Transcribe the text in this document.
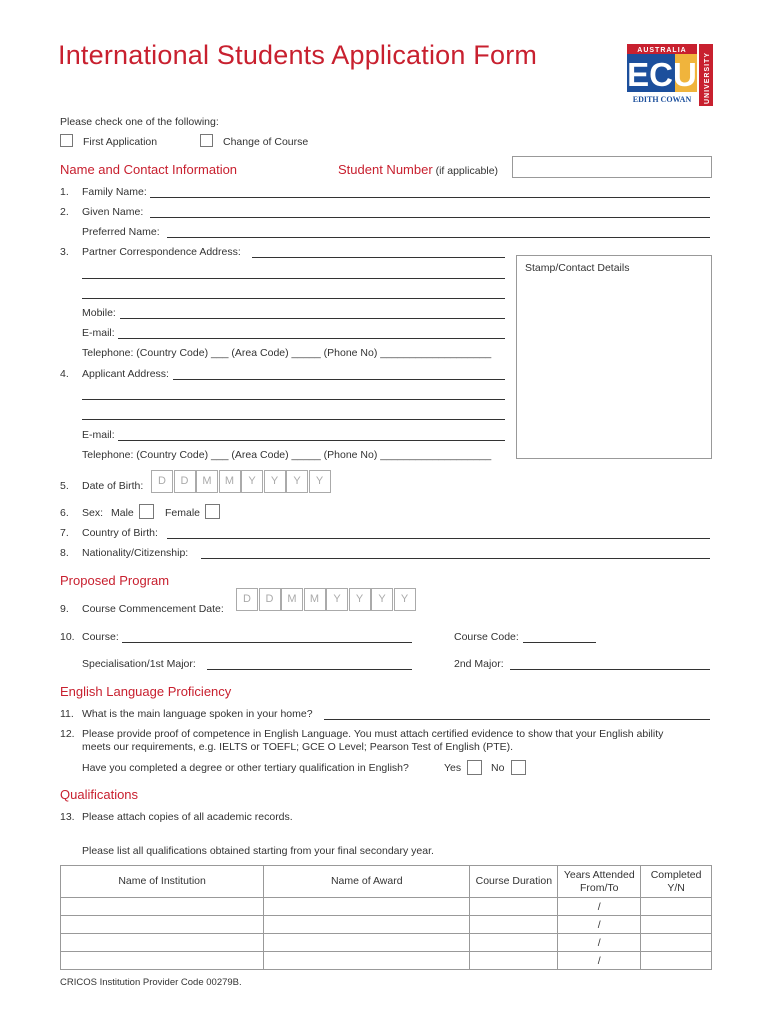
International Students Application Form	AUSTRALIA
ECU
EDITH COWAN UNIVERSITY
Please check one of the following:
First Application	Change of Course
Name and Contact Information	Student Number (if applicable)
1. Family Name:
2. Given Name:
Preferred Name:
3. Partner Correspondence Address:
Stamp/Contact Details
Mobile:
E-mail:
Telephone: (Country Code) ___ (Area Code) _____ (Phone No) ___________________
4. Applicant Address:
E-mail:
Telephone: (Country Code) ___ (Area Code) _____ (Phone No) ___________________
5. Date of Birth:	D	D	M	M	Y	Y	Y	Y
6. Sex: Male	Female
7. Country of Birth:
8. Nationality/Citizenship:
Proposed Program
9. Course Commencement Date:
D	D	M	M	Y	Y	Y	Y
10. Course:	Course Code:
Specialisation/1st Major:	2nd Major:
English Language Proficiency
11. What is the main language spoken in your home?
12. Please provide proof of competence in English Language. You must attach certified evidence to show that your English ability
meets our requirements, e.g. IELTS or TOEFL; GCE O Level; Pearson Test of English (PTE).
Have you completed a degree or other tertiary qualification in English?	Yes	No
Qualifications
13. Please attach copies of all academic records.
Please list all qualifications obtained starting from your final secondary year.
Name of Institution	Name of Award	Course Duration	Years Attended From/To	Completed Y/N
			/	
			/	
			/	
			/	
CRICOS Institution Provider Code 00279B.
